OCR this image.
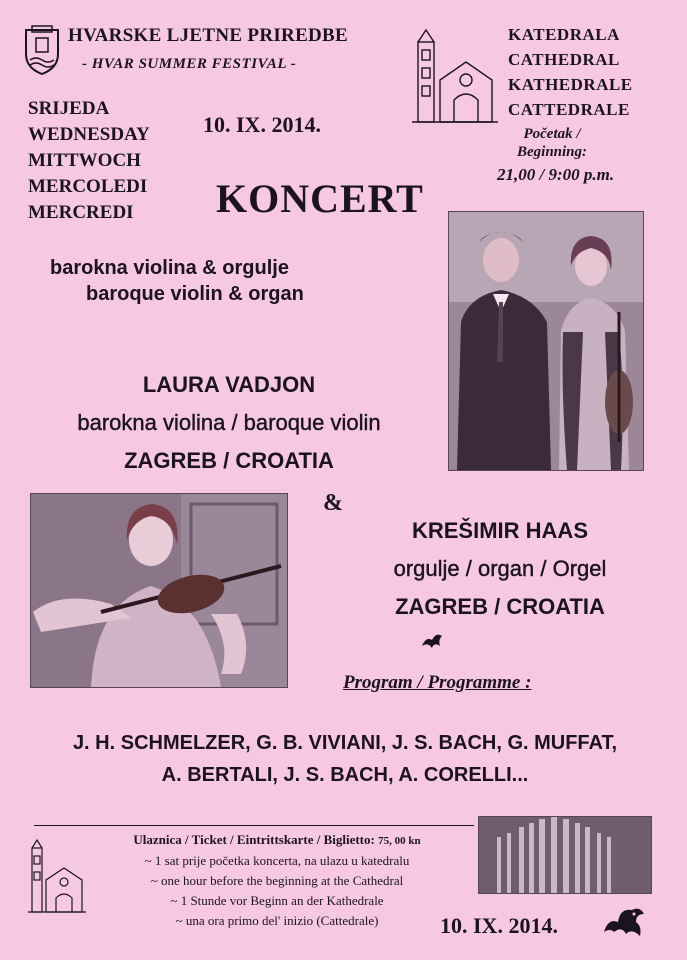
HVARSKE LJETNE PRIREDBE
- HVAR SUMMER FESTIVAL -
KATEDRALA
CATHEDRAL
KATHEDRALE
CATTEDRALE
SRIJEDA
WEDNESDAY
MITTWOCH
MERCOLEDI
MERCREDI
10. IX. 2014.	Početak /
Beginning:
21,00 / 9:00 p.m.
KONCERT
barokna violina & orgulje
baroque violin & organ
LAURA VADJON
barokna violina / baroque violin
ZAGREB / CROATIA
&
KREŠIMIR HAAS
orgulje / organ / Orgel
ZAGREB / CROATIA
Program / Programme :
J. H. SCHMELZER, G. B. VIVIANI, J. S. BACH, G. MUFFAT,
A. BERTALI, J. S. BACH, A. CORELLI...
Ulaznica / Ticket / Eintrittskarte / Biglietto: 75, 00 kn
~ 1 sat prije početka koncerta, na ulazu u katedralu
~ one hour before the beginning at the Cathedral
~ 1 Stunde vor Beginn an der Kathedrale
~ una ora primo del' inizio (Cattedrale)	10. IX. 2014.
